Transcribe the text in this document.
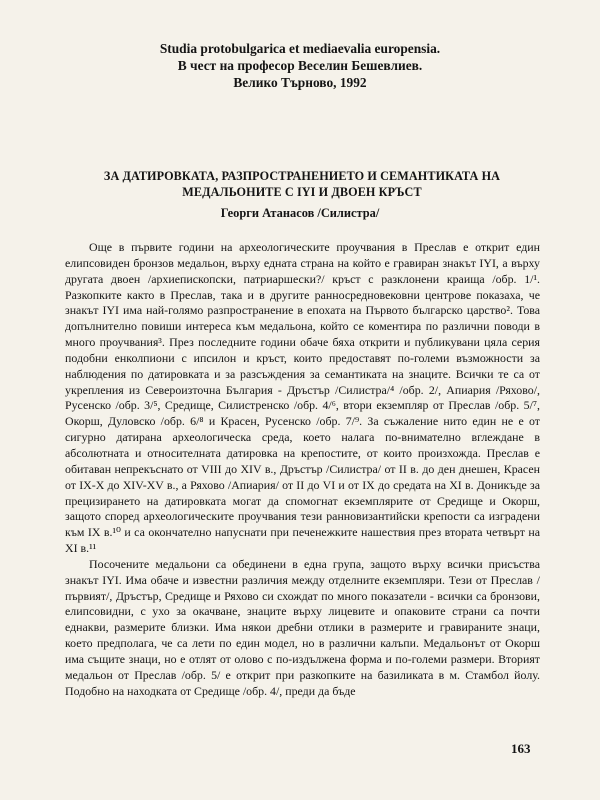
Studia protobulgarica et mediaevalia europensia.
В чест на професор Веселин Бешевлиев.
Велико Търново, 1992
ЗА ДАТИРОВКАТА, РАЗПРОСТРАНЕНИЕТО И СЕМАНТИКАТА НА
МЕДАЛЬОНИТЕ С IYI И ДВОЕН КРЪСТ
Георги Атанасов /Силистра/

Още в първите години на археологическите проучвания в Преслав е открит един елипсовиден бронзов медальон, върху едната страна на който е гравиран знакът IYI, а върху другата двоен /архиепископски, патриаршески?/ кръст с разклонени краища /обр. 1/¹. Разкопките както в Преслав, така и в другите ранносредновековни центрове показаха, че знакът IYI има най-голямо разпространение в епохата на Първото българско царство². Това допълнително повиши интереса към медальона, който се коментира по различни поводи в много проучвания³. През последните години обаче бяха открити и публикувани цяла серия подобни енколпиони с ипсилон и кръст, които предоставят по-големи възможности за наблюдения по датировката и за разсъждения за семантиката на знаците. Всички те са от укрепления из Североизточна България - Дръстър /Силистра/⁴ /обр. 2/, Апиария /Ряхово/, Русенско /обр. 3/⁵, Средище, Силистренско /обр. 4/⁶, втори екземпляр от Преслав /обр. 5/⁷, Окорш, Дуловско /обр. 6/⁸ и Красен, Русенско /обр. 7/⁹. За съжаление нито един не е от сигурно датирана археологическа среда, което налага по-внимателно вглеждане в абсолютната и относителната датировка на крепостите, от които произхожда. Преслав е обитаван непрекъснато от VIII до XIV в., Дръстър /Силистра/ от II в. до ден днешен, Красен от IX-X до XIV-XV в., а Ряхово /Апиария/ от II до VI и от IX до средата на XI в. Доникъде за прецизирането на датировката могат да спомогнат екземплярите от Средище и Окорш, защото според археологическите проучвания тези ранновизантийски крепости са изградени към IX в.¹⁰ и са окончателно напуснати при печенежките нашествия през втората четвърт на XI в.¹¹

Посочените медальони са обединени в една група, защото върху всички присъства знакът IYI. Има обаче и известни различия между отделните екземпляри. Тези от Преслав /първият/, Дръстър, Средище и Ряхово си схождат по много показатели - всички са бронзови, елипсовидни, с ухо за окачване, знаците върху лицевите и опаковите страни са почти еднакви, размерите близки. Има някои дребни отлики в размерите и гравираните знаци, което предполага, че са лети по един модел, но в различни калъпи. Медальонът от Окорш има същите знаци, но е отлят от олово с по-издължена форма и по-големи размери. Вторият медальон от Преслав /обр. 5/ е открит при разкопките на базиликата в м. Стамбол йолу. Подобно на находката от Средище /обр. 4/, преди да бъде

163
